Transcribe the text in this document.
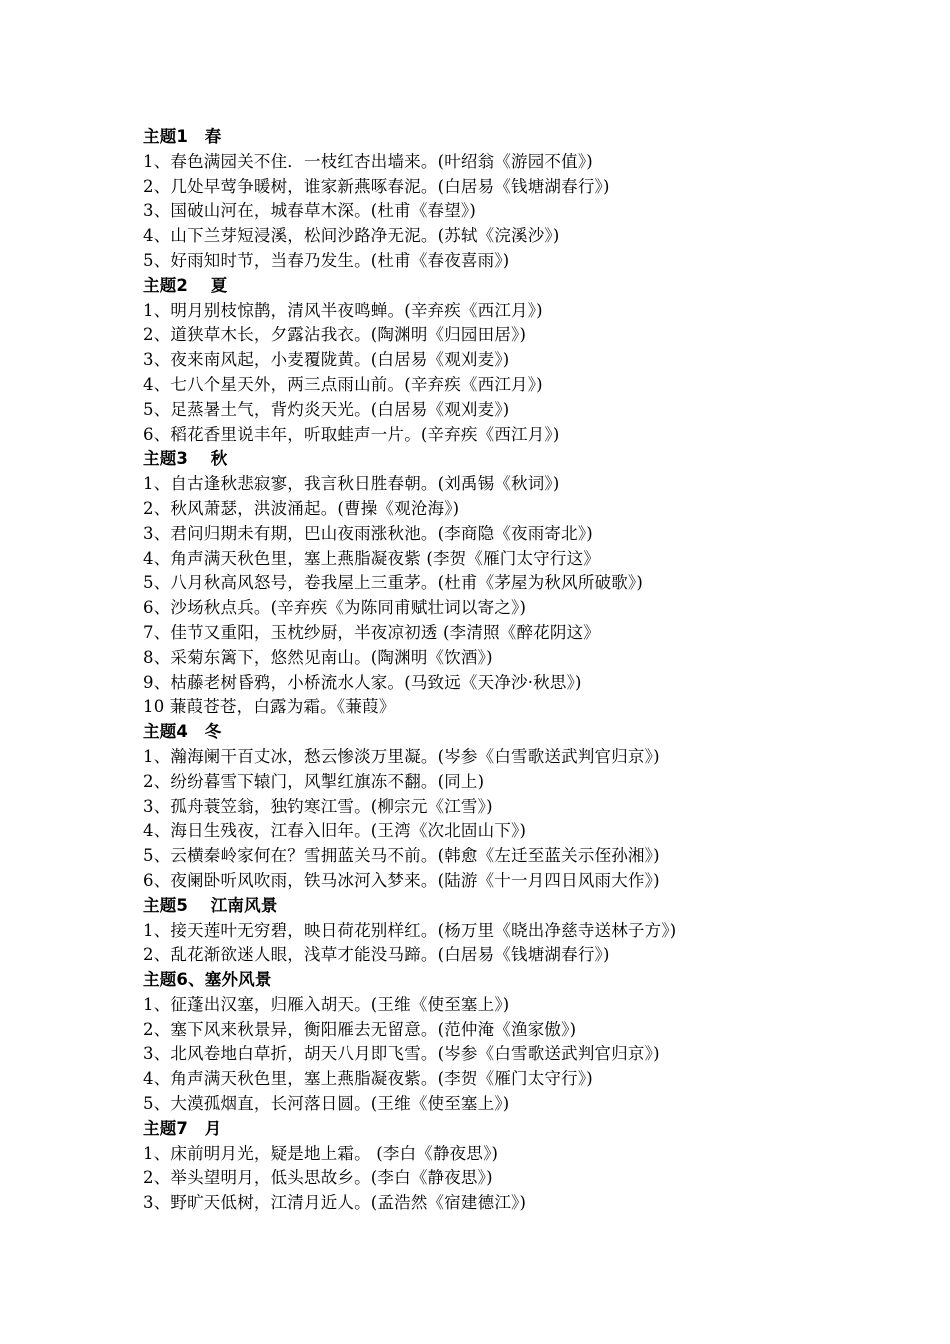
主题1　春
1、春色满园关不住．一枝红杏出墙来。(叶绍翁《游园不值》)
2、几处早莺争暖树，谁家新燕啄春泥。(白居易《钱塘湖春行》)
3、国破山河在，城春草木深。(杜甫《春望》)
4、山下兰芽短浸溪，松间沙路净无泥。(苏轼《浣溪沙》)
5、好雨知时节，当春乃发生。(杜甫《春夜喜雨》)
主题2　 夏
1、明月别枝惊鹊，清风半夜鸣蝉。(辛弃疾《西江月》)
2、道狭草木长，夕露沾我衣。(陶渊明《归园田居》)
3、夜来南风起，小麦覆陇黄。(白居易《观刈麦》)
4、七八个星天外，两三点雨山前。(辛弃疾《西江月》)
5、足蒸暑土气，背灼炎天光。(白居易《观刈麦》)
6、稻花香里说丰年，听取蛙声一片。(辛弃疾《西江月》)
主题3　 秋
1、自古逢秋悲寂寥，我言秋日胜春朝。(刘禹锡《秋词》)
2、秋风萧瑟，洪波涌起。(曹操《观沧海》)
3、君问归期未有期，巴山夜雨涨秋池。(李商隐《夜雨寄北》)
4、角声满天秋色里，塞上燕脂凝夜紫 (李贺《雁门太守行这》
5、八月秋高风怒号，卷我屋上三重茅。(杜甫《茅屋为秋风所破歌》)
6、沙场秋点兵。(辛弃疾《为陈同甫赋壮词以寄之》)
7、佳节又重阳，玉枕纱厨，半夜凉初透 (李清照《醉花阴这》
8、采菊东篱下，悠然见南山。(陶渊明《饮酒》)
9、枯藤老树昏鸦，小桥流水人家。(马致远《天净沙·秋思》)
10 蒹葭苍苍，白露为霜。《蒹葭》
主题4　冬
1、瀚海阑干百丈冰，愁云惨淡万里凝。(岑参《白雪歌送武判官归京》)
2、纷纷暮雪下辕门，风掣红旗冻不翻。(同上)
3、孤舟蓑笠翁，独钓寒江雪。(柳宗元《江雪》)
4、海日生残夜，江春入旧年。(王湾《次北固山下》)
5、云横秦岭家何在？雪拥蓝关马不前。(韩愈《左迁至蓝关示侄孙湘》)
6、夜阑卧听风吹雨，铁马冰河入梦来。(陆游《十一月四日风雨大作》)
主题5　 江南风景
1、接天莲叶无穷碧，映日荷花别样红。(杨万里《晓出净慈寺送林子方》)
2、乱花渐欲迷人眼，浅草才能没马蹄。(白居易《钱塘湖春行》)
主题6、塞外风景
1、征蓬出汉塞，归雁入胡天。(王维《使至塞上》)
2、塞下风来秋景异，衡阳雁去无留意。(范仲淹《渔家傲》)
3、北风卷地白草折，胡天八月即飞雪。(岑参《白雪歌送武判官归京》)
4、角声满天秋色里，塞上燕脂凝夜紫。(李贺《雁门太守行》)
5、大漠孤烟直，长河落日圆。(王维《使至塞上》)
主题7　月
1、床前明月光，疑是地上霜。 (李白《静夜思》)
2、举头望明月，低头思故乡。(李白《静夜思》)
3、野旷天低树，江清月近人。(孟浩然《宿建德江》)
